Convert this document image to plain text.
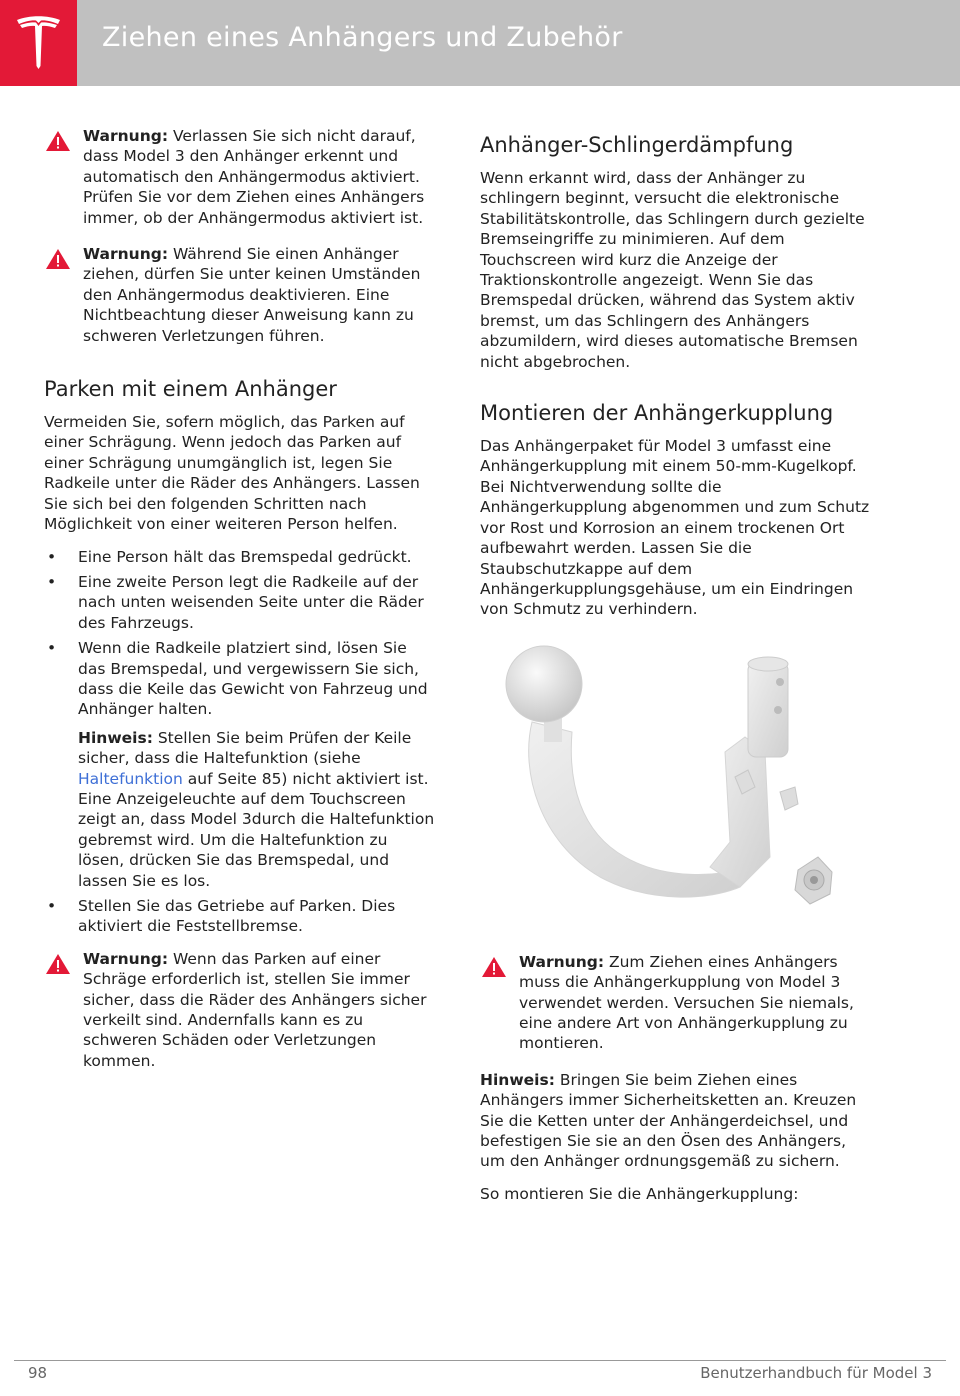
Ziehen eines Anhängers und Zubehör
Warnung: Verlassen Sie sich nicht darauf, dass Model 3 den Anhänger erkennt und automatisch den Anhängermodus aktiviert. Prüfen Sie vor dem Ziehen eines Anhängers immer, ob der Anhängermodus aktiviert ist.
Warnung: Während Sie einen Anhänger ziehen, dürfen Sie unter keinen Umständen den Anhängermodus deaktivieren. Eine Nichtbeachtung dieser Anweisung kann zu schweren Verletzungen führen.
Parken mit einem Anhänger

Vermeiden Sie, sofern möglich, das Parken auf einer Schrägung. Wenn jedoch das Parken auf einer Schrägung unumgänglich ist, legen Sie Radkeile unter die Räder des Anhängers. Lassen Sie sich bei den folgenden Schritten nach Möglichkeit von einer weiteren Person helfen.

• Eine Person hält das Bremspedal gedrückt.
• Eine zweite Person legt die Radkeile auf der nach unten weisenden Seite unter die Räder des Fahrzeugs.
• Wenn die Radkeile platziert sind, lösen Sie das Bremspedal, und vergewissern Sie sich, dass die Keile das Gewicht von Fahrzeug und Anhänger halten.
Hinweis: Stellen Sie beim Prüfen der Keile sicher, dass die Haltefunktion (siehe Haltefunktion auf Seite 85) nicht aktiviert ist. Eine Anzeigeleuchte auf dem Touchscreen zeigt an, dass Model 3durch die Haltefunktion gebremst wird. Um die Haltefunktion zu lösen, drücken Sie das Bremspedal, und lassen Sie es los.
• Stellen Sie das Getriebe auf Parken. Dies aktiviert die Feststellbremse.
Warnung: Wenn das Parken auf einer Schräge erforderlich ist, stellen Sie immer sicher, dass die Räder des Anhängers sicher verkeilt sind. Andernfalls kann es zu schweren Schäden oder Verletzungen kommen.
Anhänger-Schlingerdämpfung

Wenn erkannt wird, dass der Anhänger zu schlingern beginnt, versucht die elektronische Stabilitätskontrolle, das Schlingern durch gezielte Bremseingriffe zu minimieren. Auf dem Touchscreen wird kurz die Anzeige der Traktionskontrolle angezeigt. Wenn Sie das Bremspedal drücken, während das System aktiv bremst, um das Schlingern des Anhängers abzumildern, wird dieses automatische Bremsen nicht abgebrochen.

Montieren der Anhängerkupplung

Das Anhängerpaket für Model 3 umfasst eine Anhängerkupplung mit einem 50-mm-Kugelkopf. Bei Nichtverwendung sollte die Anhängerkupplung abgenommen und zum Schutz vor Rost und Korrosion an einem trockenen Ort aufbewahrt werden. Lassen Sie die Staubschutzkappe auf dem Anhängerkupplungsgehäuse, um ein Eindringen von Schmutz zu verhindern.

Warnung: Zum Ziehen eines Anhängers muss die Anhängerkupplung von Model 3 verwendet werden. Versuchen Sie niemals, eine andere Art von Anhängerkupplung zu montieren.

Hinweis: Bringen Sie beim Ziehen eines Anhängers immer Sicherheitsketten an. Kreuzen Sie die Ketten unter der Anhängerdeichsel, und befestigen Sie sie an den Ösen des Anhängers, um den Anhänger ordnungsgemäß zu sichern.

So montieren Sie die Anhängerkupplung:

98	Benutzerhandbuch für Model 3
